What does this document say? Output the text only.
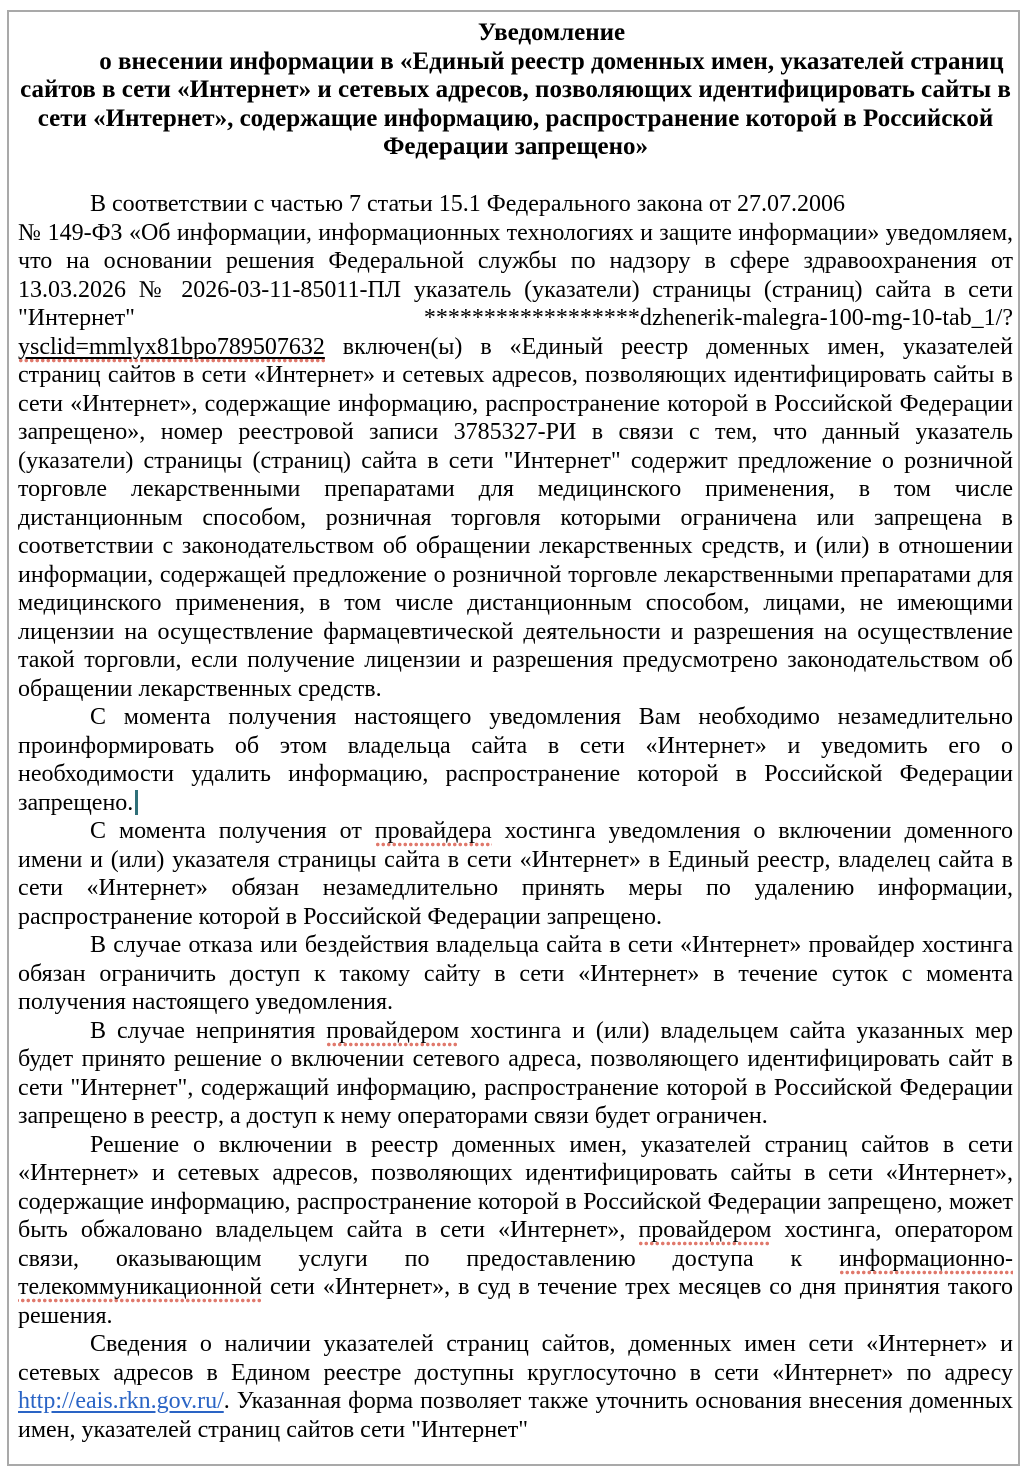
Уведомление

о внесении информации в «Единый реестр доменных имен, указателей страниц сайтов в сети «Интернет» и сетевых адресов, позволяющих идентифицировать сайты в сети «Интернет», содержащие информацию, распространение которой в Российской Федерации запрещено»

В соответствии с частью 7 статьи 15.1 Федерального закона от 27.07.2006
№ 149-ФЗ «Об информации, информационных технологиях и защите информации» уведомляем, что на основании решения Федеральной службы по надзору в сфере здравоохранения от 13.03.2026 № 2026-03-11-85011-ПЛ указатель (указатели) страницы (страниц) сайта в сети "Интернет" ******************dzhenerik-malegra-100-mg-10-tab_1/?ysclid=mmlyx81bpo789507632 включен(ы) в «Единый реестр доменных имен, указателей страниц сайтов в сети «Интернет» и сетевых адресов, позволяющих идентифицировать сайты в сети «Интернет», содержащие информацию, распространение которой в Российской Федерации запрещено», номер реестровой записи 3785327-РИ в связи с тем, что данный указатель (указатели) страницы (страниц) сайта в сети "Интернет" содержит предложение о розничной торговле лекарственными препаратами для медицинского применения, в том числе дистанционным способом, розничная торговля которыми ограничена или запрещена в соответствии с законодательством об обращении лекарственных средств, и (или) в отношении информации, содержащей предложение о розничной торговле лекарственными препаратами для медицинского применения, в том числе дистанционным способом, лицами, не имеющими лицензии на осуществление фармацевтической деятельности и разрешения на осуществление такой торговли, если получение лицензии и разрешения предусмотрено законодательством об обращении лекарственных средств.

С момента получения настоящего уведомления Вам необходимо незамедлительно проинформировать об этом владельца сайта в сети «Интернет» и уведомить его о необходимости удалить информацию, распространение которой в Российской Федерации запрещено.

С момента получения от провайдера хостинга уведомления о включении доменного имени и (или) указателя страницы сайта в сети «Интернет» в Единый реестр, владелец сайта в сети «Интернет» обязан незамедлительно принять меры по удалению информации, распространение которой в Российской Федерации запрещено.

В случае отказа или бездействия владельца сайта в сети «Интернет» провайдер хостинга обязан ограничить доступ к такому сайту в сети «Интернет» в течение суток с момента получения настоящего уведомления.

В случае непринятия провайдером хостинга и (или) владельцем сайта указанных мер будет принято решение о включении сетевого адреса, позволяющего идентифицировать сайт в сети "Интернет", содержащий информацию, распространение которой в Российской Федерации запрещено в реестр, а доступ к нему операторами связи будет ограничен.

Решение о включении в реестр доменных имен, указателей страниц сайтов в сети «Интернет» и сетевых адресов, позволяющих идентифицировать сайты в сети «Интернет», содержащие информацию, распространение которой в Российской Федерации запрещено, может быть обжаловано владельцем сайта в сети «Интернет», провайдером хостинга, оператором связи, оказывающим услуги по предоставлению доступа к информационно-телекоммуникационной сети «Интернет», в суд в течение трех месяцев со дня принятия такого решения.

Сведения о наличии указателей страниц сайтов, доменных имен сети «Интернет» и сетевых адресов в Едином реестре доступны круглосуточно в сети «Интернет» по адресу http://eais.rkn.gov.ru/. Указанная форма позволяет также уточнить основания внесения доменных имен, указателей страниц сайтов сети "Интернет"
